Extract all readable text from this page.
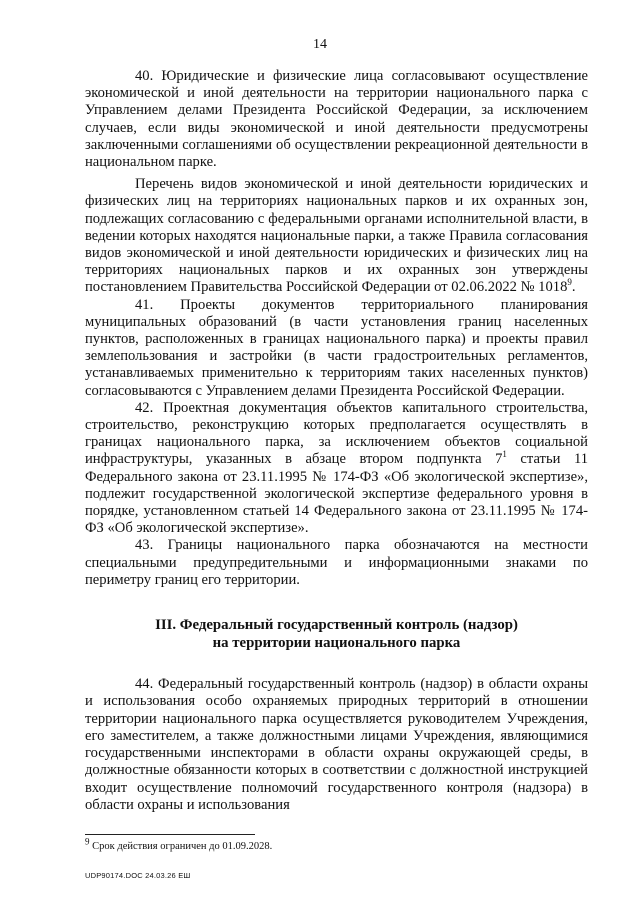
14

40. Юридические и физические лица согласовывают осуществление экономической и иной деятельности на территории национального парка с Управлением делами Президента Российской Федерации, за исключением случаев, если виды экономической и иной деятельности предусмотрены заключенными соглашениями об осуществлении рекреационной деятельности в национальном парке.

Перечень видов экономической и иной деятельности юридических и физических лиц на территориях национальных парков и их охранных зон, подлежащих согласованию с федеральными органами исполнительной власти, в ведении которых находятся национальные парки, а также Правила согласования видов экономической и иной деятельности юридических и физических лиц на территориях национальных парков и их охранных зон утверждены постановлением Правительства Российской Федерации от 02.06.2022 № 1018$^9$.

41. Проекты документов территориального планирования муниципальных образований (в части установления границ населенных пунктов, расположенных в границах национального парка) и проекты правил землепользования и застройки (в части градостроительных регламентов, устанавливаемых применительно к территориям таких населенных пунктов) согласовываются с Управлением делами Президента Российской Федерации.

42. Проектная документация объектов капитального строительства, строительство, реконструкцию которых предполагается осуществлять в границах национального парка, за исключением объектов социальной инфраструктуры, указанных в абзаце втором подпункта $7^1$ статьи 11 Федерального закона от 23.11.1995 № 174-ФЗ «Об экологической экспертизе», подлежит государственной экологической экспертизе федерального уровня в порядке, установленном статьей 14 Федерального закона от 23.11.1995 № 174-ФЗ «Об экологической экспертизе».

43. Границы национального парка обозначаются на местности специальными предупредительными и информационными знаками по периметру границ его территории.

III. Федеральный государственный контроль (надзор)
на территории национального парка

44. Федеральный государственный контроль (надзор) в области охраны и использования особо охраняемых природных территорий в отношении территории национального парка осуществляется руководителем Учреждения, его заместителем, а также должностными лицами Учреждения, являющимися государственными инспекторами в области охраны окружающей среды, в должностные обязанности которых в соответствии с должностной инструкцией входит осуществление полномочий государственного контроля (надзора) в области охраны и использования

$^9$ Срок действия ограничен до 01.09.2028.
UDP90174.DOC 24.03.26 ЕШ
